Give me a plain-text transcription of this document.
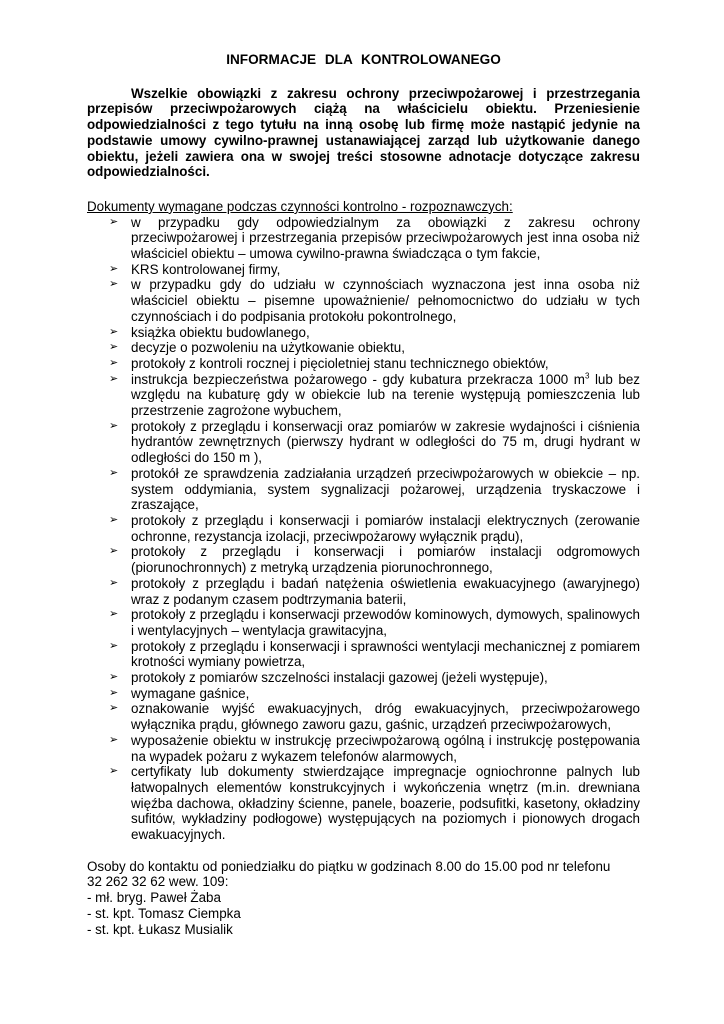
INFORMACJE DLA KONTROLOWANEGO

Wszelkie obowiązki z zakresu ochrony przeciwpożarowej i przestrzegania przepisów przeciwpożarowych ciążą na właścicielu obiektu. Przeniesienie odpowiedzialności z tego tytułu na inną osobę lub firmę może nastąpić jedynie na podstawie umowy cywilno-prawnej ustanawiającej zarząd lub użytkowanie danego obiektu, jeżeli zawiera ona w swojej treści stosowne adnotacje dotyczące zakresu odpowiedzialności.

Dokumenty wymagane podczas czynności kontrolno - rozpoznawczych:

➢ w przypadku gdy odpowiedzialnym za obowiązki z zakresu ochrony przeciwpożarowej i przestrzegania przepisów przeciwpożarowych jest inna osoba niż właściciel obiektu – umowa cywilno-prawna świadcząca o tym fakcie,
➢ KRS kontrolowanej firmy,
➢ w przypadku gdy do udziału w czynnościach wyznaczona jest inna osoba niż właściciel obiektu – pisemne upoważnienie/ pełnomocnictwo do udziału w tych czynnościach i do podpisania protokołu pokontrolnego,
➢ książka obiektu budowlanego,
➢ decyzje o pozwoleniu na użytkowanie obiektu,
➢ protokoły z kontroli rocznej i pięcioletniej stanu technicznego obiektów,
➢ instrukcja bezpieczeństwa pożarowego - gdy kubatura przekracza 1000 $m^3$ lub bez względu na kubaturę gdy w obiekcie lub na terenie występują pomieszczenia lub przestrzenie zagrożone wybuchem,
➢ protokoły z przeglądu i konserwacji oraz pomiarów w zakresie wydajności i ciśnienia hydrantów zewnętrznych (pierwszy hydrant w odległości do 75 m, drugi hydrant w odległości do 150 m ),
➢ protokół ze sprawdzenia zadziałania urządzeń przeciwpożarowych w obiekcie – np. system oddymiania, system sygnalizacji pożarowej, urządzenia tryskaczowe i zraszające,
➢ protokoły z przeglądu i konserwacji i pomiarów instalacji elektrycznych (zerowanie ochronne, rezystancja izolacji, przeciwpożarowy wyłącznik prądu),
➢ protokoły z przeglądu i konserwacji i pomiarów instalacji odgromowych (piorunochronnych) z metryką urządzenia piorunochronnego,
➢ protokoły z przeglądu i badań natężenia oświetlenia ewakuacyjnego (awaryjnego) wraz z podanym czasem podtrzymania baterii,
➢ protokoły z przeglądu i konserwacji przewodów kominowych, dymowych, spalinowych i wentylacyjnych – wentylacja grawitacyjna,
➢ protokoły z przeglądu i konserwacji i sprawności wentylacji mechanicznej z pomiarem krotności wymiany powietrza,
➢ protokoły z pomiarów szczelności instalacji gazowej (jeżeli występuje),
➢ wymagane gaśnice,
➢ oznakowanie wyjść ewakuacyjnych, dróg ewakuacyjnych, przeciwpożarowego wyłącznika prądu, głównego zaworu gazu, gaśnic, urządzeń przeciwpożarowych,
➢ wyposażenie obiektu w instrukcję przeciwpożarową ogólną i instrukcję postępowania na wypadek pożaru z wykazem telefonów alarmowych,
➢ certyfikaty lub dokumenty stwierdzające impregnacje ogniochronne palnych lub łatwopalnych elementów konstrukcyjnych i wykończenia wnętrz (m.in. drewniana więźba dachowa, okładziny ścienne, panele, boazerie, podsufitki, kasetony, okładziny sufitów, wykładziny podłogowe) występujących na poziomych i pionowych drogach ewakuacyjnych.

Osoby do kontaktu od poniedziałku do piątku w godzinach 8.00 do 15.00 pod nr telefonu

32 262 32 62 wew. 109:

- mł. bryg. Paweł Żaba

- st. kpt. Tomasz Ciempka

- st. kpt. Łukasz Musialik
